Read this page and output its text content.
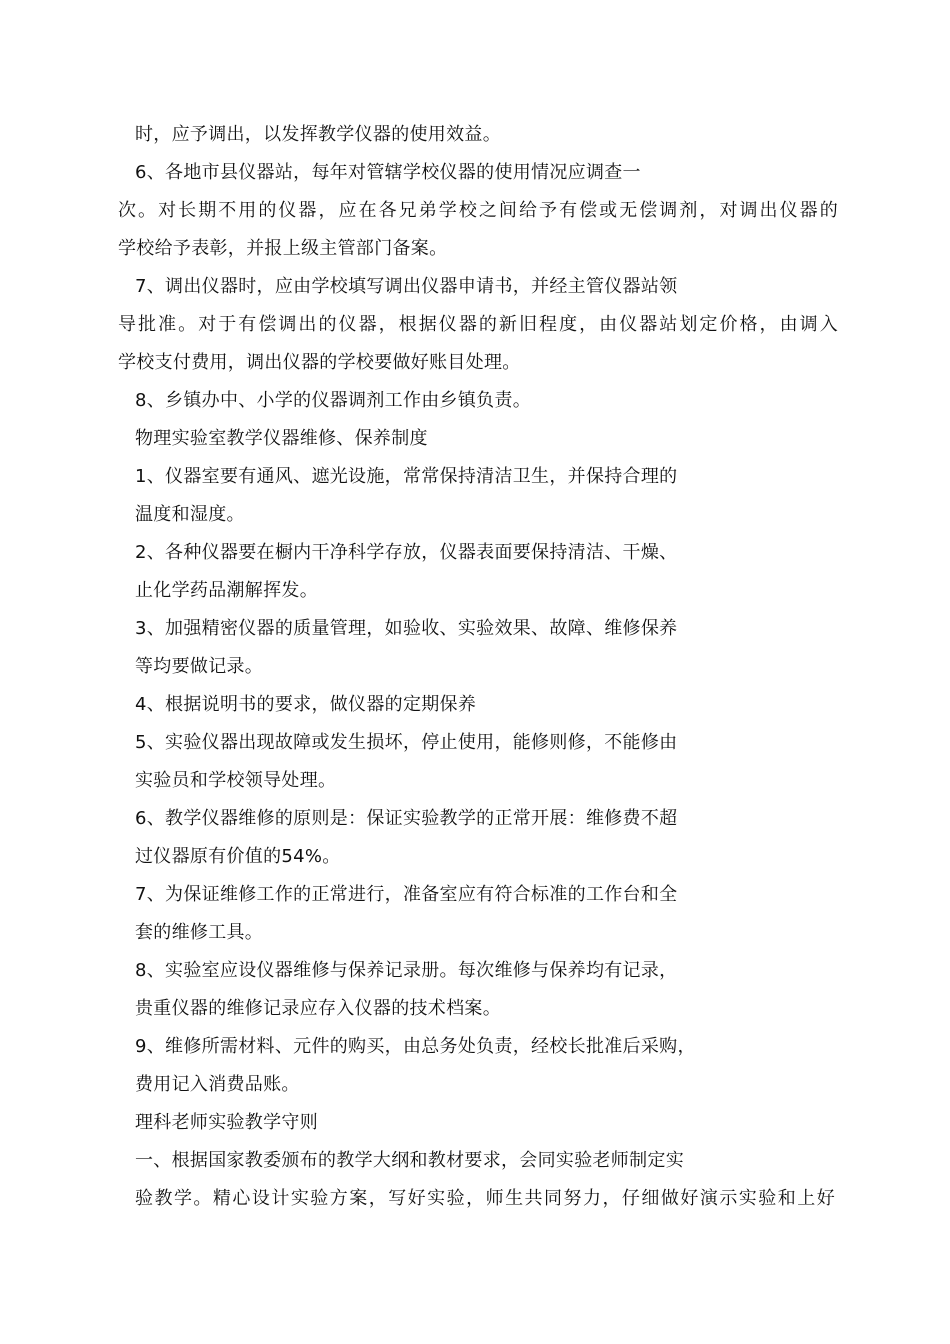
时，应予调出，以发挥教学仪器的使用效益。
6、各地市县仪器站，每年对管辖学校仪器的使用情况应调查一
次。对长期不用的仪器，应在各兄弟学校之间给予有偿或无偿调剂，对调出仪器的
学校给予表彰，并报上级主管部门备案。
7、调出仪器时，应由学校填写调出仪器申请书，并经主管仪器站领
导批准。对于有偿调出的仪器，根据仪器的新旧程度，由仪器站划定价格，由调入
学校支付费用，调出仪器的学校要做好账目处理。
8、乡镇办中、小学的仪器调剂工作由乡镇负责。
物理实验室教学仪器维修、保养制度
1、仪器室要有通风、遮光设施，常常保持清洁卫生，并保持合理的
温度和湿度。
2、各种仪器要在橱内干净科学存放，仪器表面要保持清洁、干燥、
止化学药品潮解挥发。
3、加强精密仪器的质量管理，如验收、实验效果、故障、维修保养
等均要做记录。
4、根据说明书的要求，做仪器的定期保养
5、实验仪器出现故障或发生损坏，停止使用，能修则修，不能修由
实验员和学校领导处理。
6、教学仪器维修的原则是：保证实验教学的正常开展：维修费不超
过仪器原有价值的54%。
7、为保证维修工作的正常进行，准备室应有符合标准的工作台和全
套的维修工具。
8、实验室应设仪器维修与保养记录册。每次维修与保养均有记录，
贵重仪器的维修记录应存入仪器的技术档案。
9、维修所需材料、元件的购买，由总务处负责，经校长批准后采购，
费用记入消费品账。
理科老师实验教学守则
一、根据国家教委颁布的教学大纲和教材要求，会同实验老师制定实
验教学。精心设计实验方案，写好实验，师生共同努力，仔细做好演示实验和上好
